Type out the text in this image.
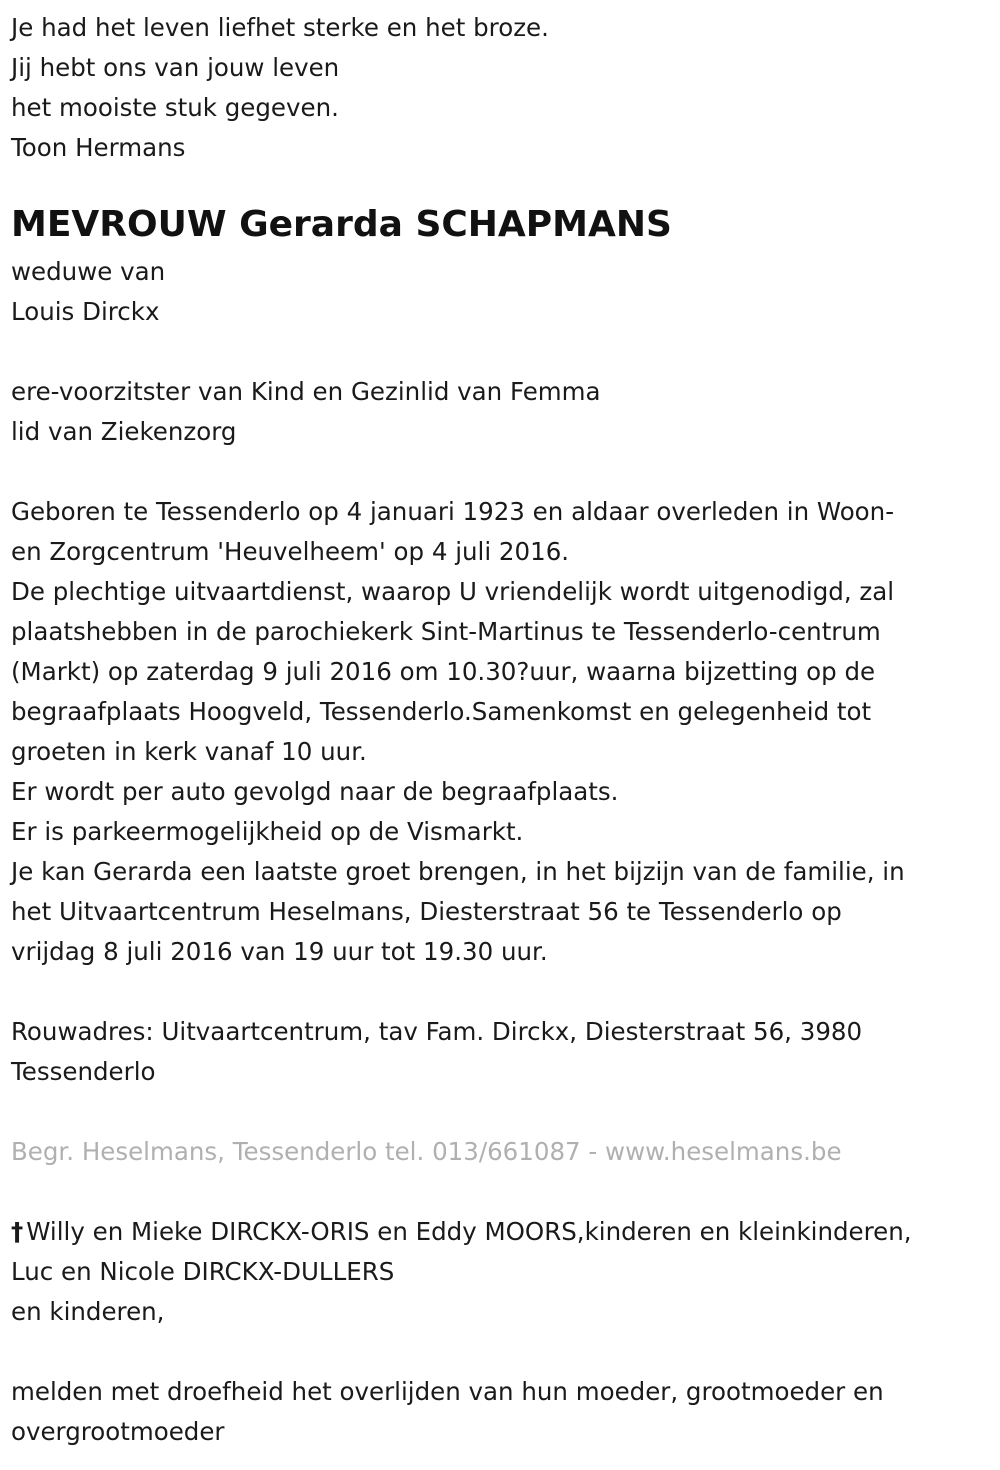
Je had het leven liefhet sterke en het broze.

Jij hebt ons van jouw leven

het mooiste stuk gegeven.

Toon Hermans

MEVROUW Gerarda SCHAPMANS

weduwe van

Louis Dirckx

ere-voorzitster van Kind en Gezinlid van Femma

lid van Ziekenzorg

Geboren te Tessenderlo op 4 januari 1923 en aldaar overleden in Woon-

en Zorgcentrum 'Heuvelheem' op 4 juli 2016.

De plechtige uitvaartdienst, waarop U vriendelijk wordt uitgenodigd, zal

plaatshebben in de parochiekerk Sint-Martinus te Tessenderlo-centrum

(Markt) op zaterdag 9 juli 2016 om 10.30?uur, waarna bijzetting op de

begraafplaats Hoogveld, Tessenderlo.Samenkomst en gelegenheid tot

groeten in kerk vanaf 10 uur.

Er wordt per auto gevolgd naar de begraafplaats.

Er is parkeermogelijkheid op de Vismarkt.

Je kan Gerarda een laatste groet brengen, in het bijzijn van de familie, in

het Uitvaartcentrum Heselmans, Diesterstraat 56 te Tessenderlo op

vrijdag 8 juli 2016 van 19 uur tot 19.30 uur.

Rouwadres: Uitvaartcentrum, tav Fam. Dirckx, Diesterstraat 56, 3980

Tessenderlo

Begr. Heselmans, Tessenderlo tel. 013/661087 - www.heselmans.be

† Willy en Mieke DIRCKX-ORIS en Eddy MOORS,kinderen en kleinkinderen,

Luc en Nicole DIRCKX-DULLERS

en kinderen,

melden met droefheid het overlijden van hun moeder, grootmoeder en

overgrootmoeder
